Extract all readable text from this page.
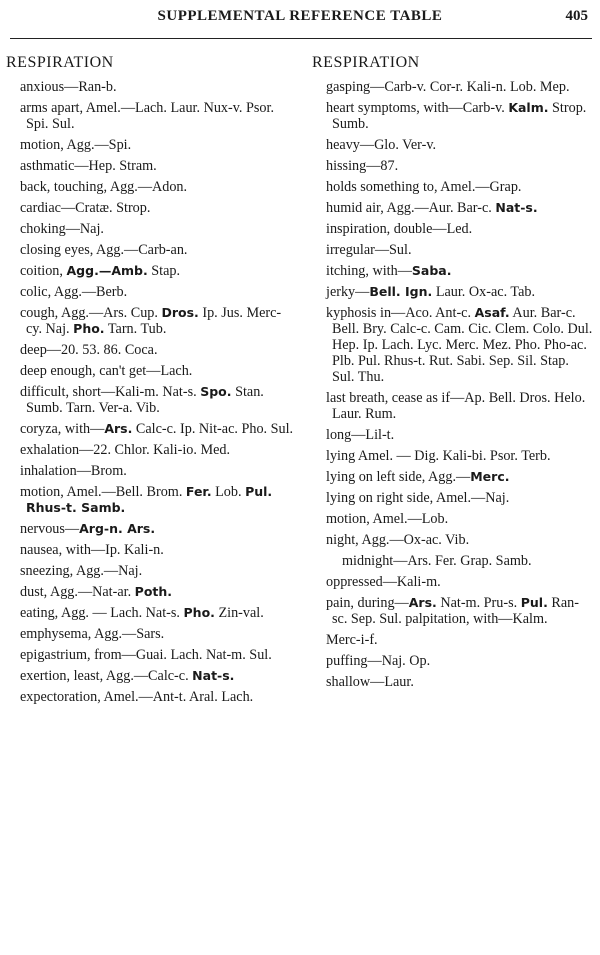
SUPPLEMENTAL REFERENCE TABLE	405
RESPIRATION
anxious—Ran-b.
arms apart, Amel.—Lach. Laur. Nux-v. Psor. Spi. Sul.
motion, Agg.—Spi.
asthmatic—Hep. Stram.
back, touching, Agg.—Adon.
cardiac—Cratæ. Strop.
choking—Naj.
closing eyes, Agg.—Carb-an.
coition, Agg.—Amb. Stap.
colic, Agg.—Berb.
cough, Agg.—Ars. Cup. Dros. Ip. Jus. Merc-cy. Naj. Pho. Tarn. Tub.
deep—20. 53. 86. Coca.
deep enough, can't get—Lach.
difficult, short—Kali-m. Nat-s. Spo. Stan. Sumb. Tarn. Ver-a. Vib.
coryza, with—Ars. Calc-c. Ip. Nit-ac. Pho. Sul.
exhalation—22. Chlor. Kali-io. Med.
inhalation—Brom.
motion, Amel.—Bell. Brom. Fer. Lob. Pul. Rhus-t. Samb.
nervous—Arg-n. Ars.
nausea, with—Ip. Kali-n.
sneezing, Agg.—Naj.
dust, Agg.—Nat-ar. Poth.
eating, Agg. — Lach. Nat-s. Pho. Zin-val.
emphysema, Agg.—Sars.
epigastrium, from—Guai. Lach. Nat-m. Sul.
exertion, least, Agg.—Calc-c. Nat-s.
expectoration, Amel.—Ant-t. Aral. Lach.
RESPIRATION
gasping—Carb-v. Cor-r. Kali-n. Lob. Mep.
heart symptoms, with—Carb-v. Kalm. Strop. Sumb.
heavy—Glo. Ver-v.
hissing—87.
holds something to, Amel.—Grap.
humid air, Agg.—Aur. Bar-c. Nat-s.
inspiration, double—Led.
irregular—Sul.
itching, with—Saba.
jerky—Bell. Ign. Laur. Ox-ac. Tab.
kyphosis in—Aco. Ant-c. Asaf. Aur. Bar-c. Bell. Bry. Calc-c. Cam. Cic. Clem. Colo. Dul. Hep. Ip. Lach. Lyc. Merc. Mez. Pho. Pho-ac. Plb. Pul. Rhus-t. Rut. Sabi. Sep. Sil. Stap. Sul. Thu.
last breath, cease as if—Ap. Bell. Dros. Helo. Laur. Rum.
long—Lil-t.
lying Amel. — Dig. Kali-bi. Psor. Terb.
lying on left side, Agg.—Merc.
lying on right side, Amel.—Naj.
motion, Amel.—Lob.
night, Agg.—Ox-ac. Vib.
midnight—Ars. Fer. Grap. Samb.
oppressed—Kali-m.
pain, during—Ars. Nat-m. Pru-s. Pul. Ran-sc. Sep. Sul. palpitation, with—Kalm.
Merc-i-f.
puffing—Naj. Op.
shallow—Laur.
